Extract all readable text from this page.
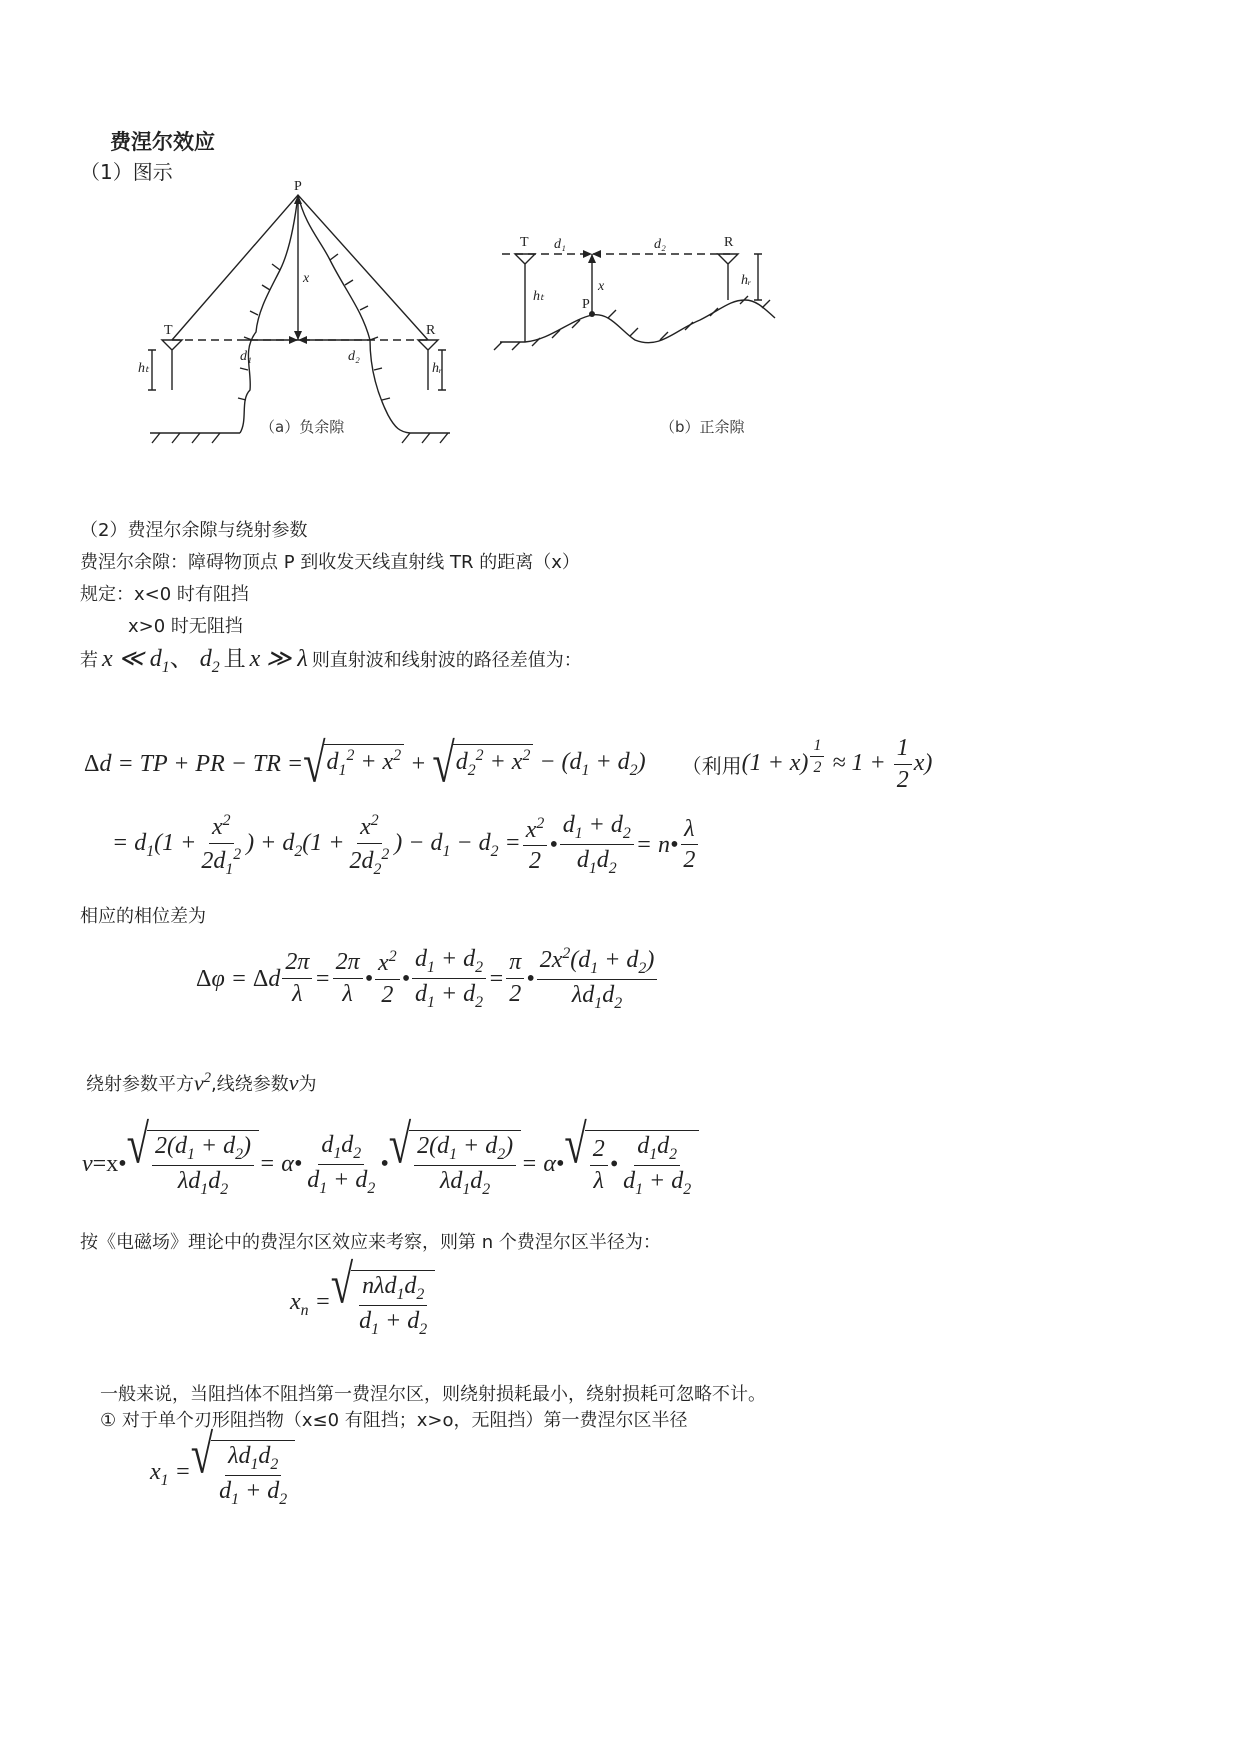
费涅尔效应
（1）图示
P
T	R
x
d₁	d₂
hₜ	hᵣ
T	R
d₁	d₂
x
P
hₜ
hᵣ
（a）负余隙	（b）正余隙
（2）费涅尔余隙与绕射参数
费涅尔余隙：障碍物顶点 P 到收发天线直射线 TR 的距离（x）
规定：x<0 时有阻挡
x>0 时无阻挡
若 x ≪ $d_1$、 $d_2$ 且 x ≫ λ 则直射波和线射波的路径差值为：
Δd = TP + PR − TR = √ $d_1^2 + x^2$ + √ $d_2^2 + x^2 - (d_1 + d_2)$ （利用 (1 + x) $^{\frac{1}{2}} \approx 1 + \frac{1}{2} x$)
= $d_1(1 + \frac{x^2}{2d_1^2}$ ) + $d_2(1 + \frac{x^2}{2d_2^2}$ ) − $d_1 - d_2 = \frac{x^2}{2}$ • $\frac{d_1 + d_2}{d_1d_2}$ = n• $\frac{\lambda}{2}$
相应的相位差为
Δφ = Δd $\frac{2\pi}{\lambda} = \frac{2\pi}{\lambda}$ • $\frac{x^2}{2}$ • $\frac{d_1 + d_2}{d_1 + d_2} = \frac{\pi}{2}$ • $\frac{2x^2(d_1 + d_2)}{\lambda d_1d_2}$
绕射参数平方 $\nu^2$ ,线绕参数 ν 为
ν=x• √ $\frac{2(d_1 + d_2)}{\lambda d_1d_2}$ = α• $\frac{d_1d_2}{d_1 + d_2}$ • √ $\frac{2(d_1 + d_2)}{\lambda d_1d_2}$ = α• √ $\frac{2}{\lambda}$ • $\frac{d_1d_2}{d_1 + d_2}$
按《电磁场》理论中的费涅尔区效应来考察，则第 n 个费涅尔区半径为：
$x_n$ = √ $\frac{n\lambda d_1d_2}{d_1 + d_2}$
一般来说，当阻挡体不阻挡第一费涅尔区，则绕射损耗最小，绕射损耗可忽略不计。
① 对于单个刃形阻挡物（x≤0 有阻挡；x>o，无阻挡）第一费涅尔区半径
$x_1$ = √ $\frac{\lambda d_1d_2}{d_1 + d_2}$
